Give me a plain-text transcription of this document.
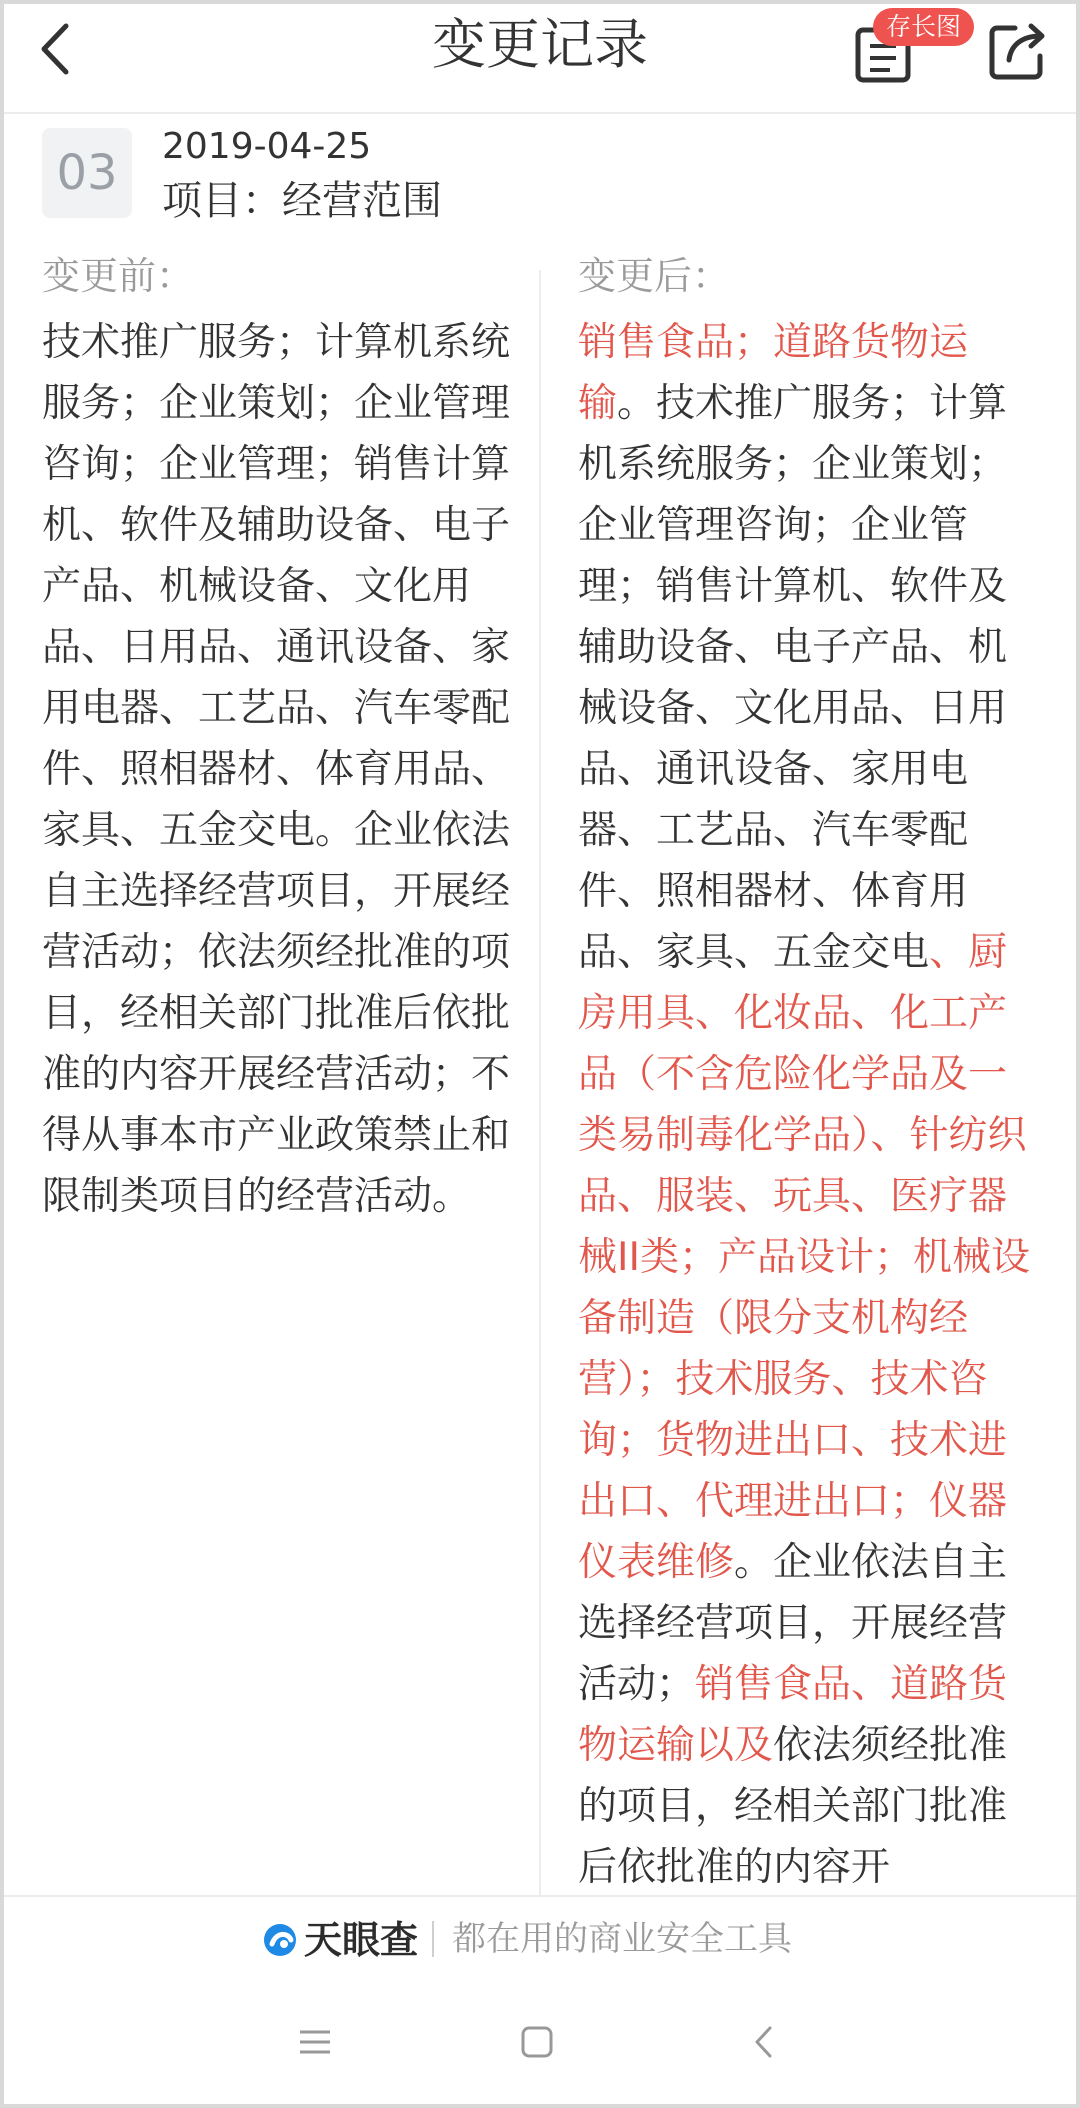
变更记录	存长图
03	2019-04-25
项目：经营范围
变更前：	变更后：

技术推广服务；计算机系统服务；企业策划；企业管理咨询；企业管理；销售计算机、软件及辅助设备、电子产品、机械设备、文化用品、日用品、通讯设备、家用电器、工艺品、汽车零配件、照相器材、体育用品、家具、五金交电。企业依法自主选择经营项目，开展经营活动；依法须经批准的项目，经相关部门批准后依批准的内容开展经营活动；不得从事本市产业政策禁止和限制类项目的经营活动。

销售食品；道路货物运输。技术推广服务；计算机系统服务；企业策划；企业管理咨询；企业管理；销售计算机、软件及辅助设备、电子产品、机械设备、文化用品、日用品、通讯设备、家用电器、工艺品、汽车零配件、照相器材、体育用品、家具、五金交电、厨房用具、化妆品、化工产品（不含危险化学品及一类易制毒化学品）、针纺织品、服装、玩具、医疗器械II类；产品设计；机械设备制造（限分支机构经营）；技术服务、技术咨询；货物进出口、技术进出口、代理进出口；仪器仪表维修。企业依法自主选择经营项目，开展经营活动；销售食品、道路货物运输以及依法须经批准的项目，经相关部门批准后依批准的内容开

天眼查 都在用的商业安全工具
